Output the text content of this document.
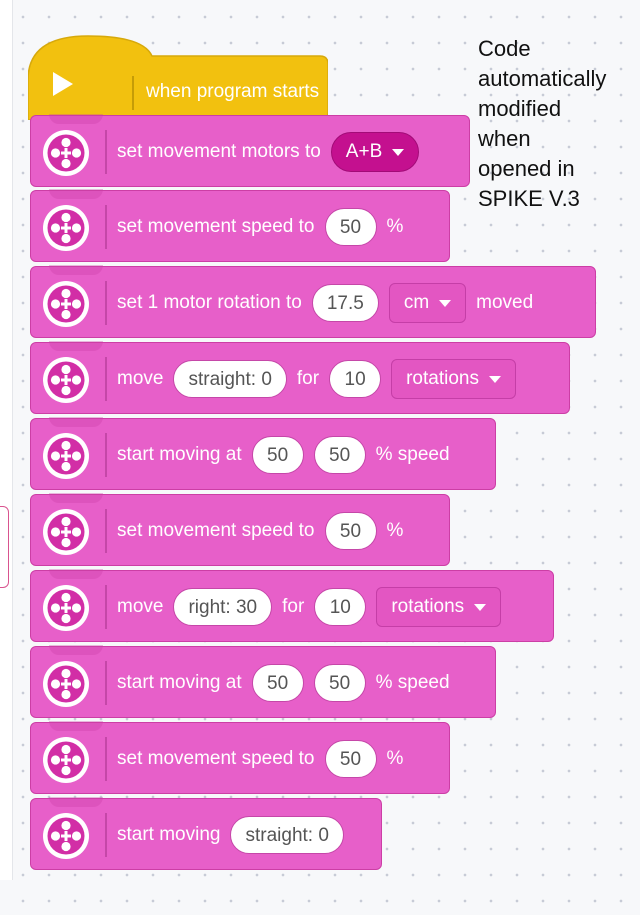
Code
automatically
modified
when
opened in
SPIKE V.3

when program starts
set movement motors to A+B
set movement speed to	50	%
set 1 motor rotation to	17.5	cm moved
move	straight: 0	for	10	rotations
start moving at	50	50	% speed
set movement speed to	50	%
move	right: 30	for	10	rotations
start moving at	50	50	% speed
set movement speed to	50	%
start moving	straight: 0
